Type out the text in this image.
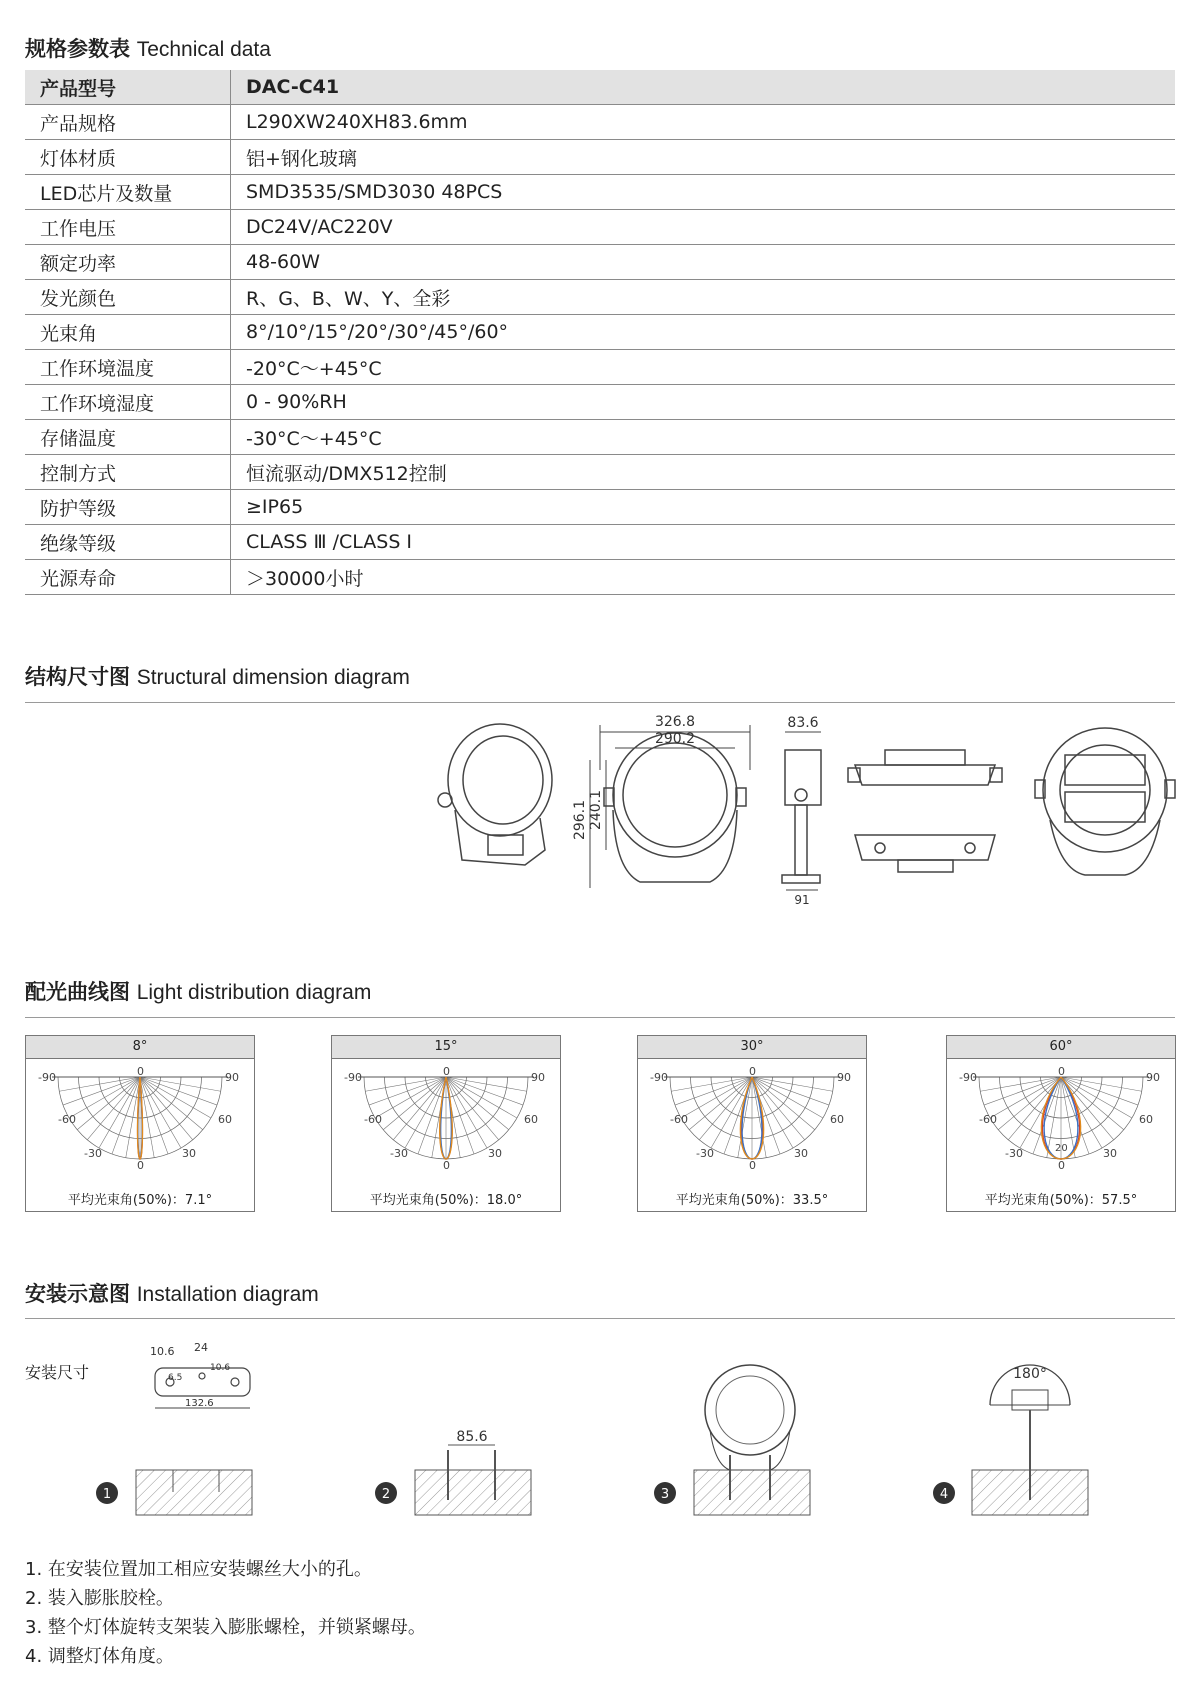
规格参数表 Technical data
产品型号	DAC-C41
产品规格	L290XW240XH83.6mm
灯体材质	铝+钢化玻璃
LED芯片及数量	SMD3535/SMD3030 48PCS
工作电压	DC24V/AC220V
额定功率	48-60W
发光颜色	R、G、B、W、Y、全彩
光束角	8°/10°/15°/20°/30°/45°/60°
工作环境温度	-20°C～+45°C
工作环境湿度	0 - 90%RH
存储温度	-30°C～+45°C
控制方式	恒流驱动/DMX512控制
防护等级	≥IP65
绝缘等级	CLASS Ⅲ /CLASS Ⅰ
光源寿命	＞30000小时
结构尺寸图 Structural dimension diagram
326.8
290.2
296.1 240.1
83.6
91
配光曲线图 Light distribution diagram
8°
-90	90
-60	60
-30	30
0
0
平均光束角(50%)：7.1°
15°
-90	90
-60	60
-30	30
0
0
平均光束角(50%)：18.0°
30°
-90	90
-60	60
-30	30
0
0
平均光束角(50%)：33.5°
60°
-90	90
-60	60
-30	30
0
0
20
平均光束角(50%)：57.5°
安装示意图 Installation diagram
安装尺寸
10.6 24
6.5
10.6
132.6
1	2
85.6
3	4
180°
1. 在安装位置加工相应安装螺丝大小的孔。
2. 装入膨胀胶栓。
3. 整个灯体旋转支架装入膨胀螺栓，并锁紧螺母。
4. 调整灯体角度。
